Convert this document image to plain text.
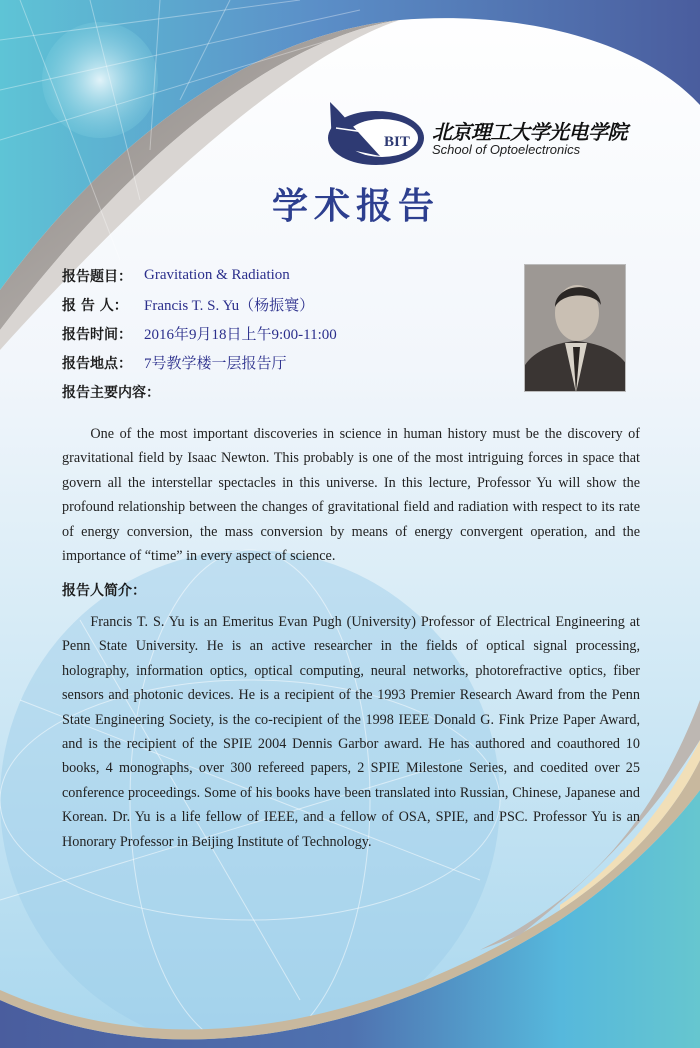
BIT 北京理工大学光电学院
School of Optoelectronics
学术报告
报告题目： Gravitation & Radiation
报 告 人：	Francis T. S. Yu（杨振寰）
报告时间： 2016年9月18日上午9:00-11:00
报告地点： 7号教学楼一层报告厅
报告主要内容：

One of the most important discoveries in science in human history must be the discovery of gravitational field by Isaac Newton. This probably is one of the most intriguing forces in space that govern all the interstellar spectacles in this universe. In this lecture, Professor Yu will show the profound relationship between the changes of gravitational field and radiation with respect to its rate of energy conversion, the mass conversion by means of energy convergent operation, and the importance of “time” in every aspect of science.

报告人简介：

Francis T. S. Yu is an Emeritus Evan Pugh (University) Professor of Electrical Engineering at Penn State University. He is an active researcher in the fields of optical signal processing, holography, information optics, optical computing, neural networks, photorefractive optics, fiber sensors and photonic devices. He is a recipient of the 1993 Premier Research Award from the Penn State Engineering Society, is the co-recipient of the 1998 IEEE Donald G. Fink Prize Paper Award, and is the recipient of the SPIE 2004 Dennis Garbor award. He has authored and coauthored 10 books, 4 monographs, over 300 refereed papers, 2 SPIE Milestone Series, and coedited over 25 conference proceedings. Some of his books have been translated into Russian, Chinese, Japanese and Korean. Dr. Yu is a life fellow of IEEE, and a fellow of OSA, SPIE, and PSC. Professor Yu is an Honorary Professor in Beijing Institute of Technology.
